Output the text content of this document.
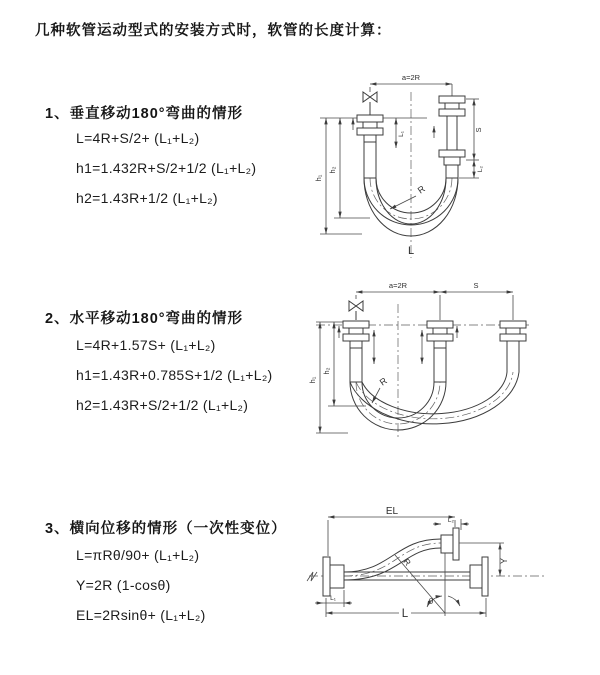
几种软管运动型式的安装方式时，软管的长度计算：
1、垂直移动180°弯曲的情形
L=4R+S/2+ (L₁+L₂)
h1=1.432R+S/2+1/2 (L₁+L₂)
h2=1.43R+1/2 (L₁+L₂)
2、水平移动180°弯曲的情形
L=4R+1.57S+ (L₁+L₂)
h1=1.43R+0.785S+1/2 (L₁+L₂)
h2=1.43R+S/2+1/2 (L₁+L₂)
3、横向位移的情形（一次性变位）
L=πRθ/90+ (L₁+L₂)
Y=2R (1-cosθ)
EL=2Rsinθ+ (L₁+L₂)
a=2R
S
L₂
h₁
h₂
L₁
R
L
a=2R	S
h₁
h₂
R
θ
R
EL
L₂
Y
L
L₁
